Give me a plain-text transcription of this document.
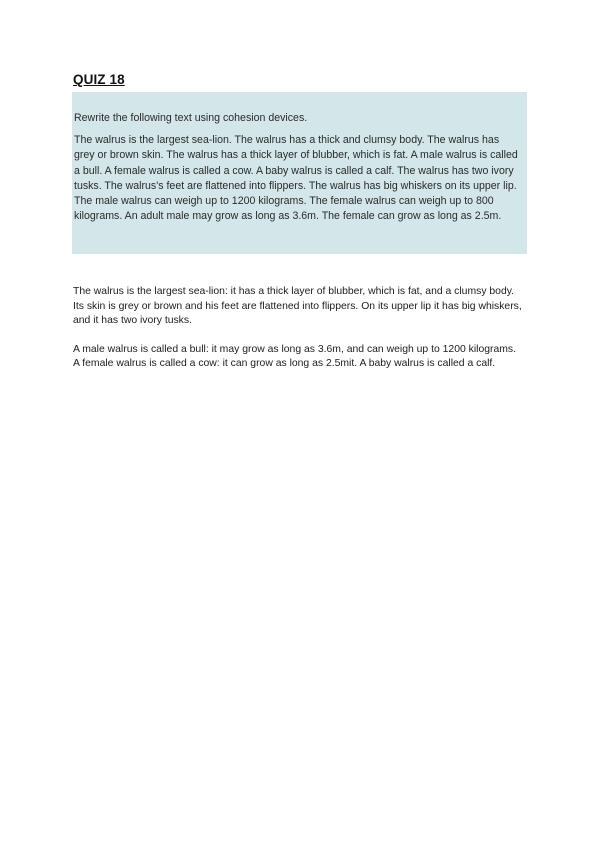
QUIZ 18

Rewrite the following text using cohesion devices.

The walrus is the largest sea-lion. The walrus has a thick and clumsy body. The walrus has grey or brown skin. The walrus has a thick layer of blubber, which is fat. A male walrus is called a bull. A female walrus is called a cow. A baby walrus is called a calf. The walrus has two ivory tusks. The walrus's feet are flattened into flippers. The walrus has big whiskers on its upper lip. The male walrus can weigh up to 1200 kilograms. The female walrus can weigh up to 800 kilograms. An adult male may grow as long as 3.6m. The female can grow as long as 2.5m.

The walrus is the largest sea-lion: it has a thick layer of blubber, which is fat, and a clumsy body. Its skin is grey or brown and his feet are flattened into flippers. On its upper lip it has big whiskers, and it has two ivory tusks.

A male walrus is called a bull: it may grow as long as 3.6m, and can weigh up to 1200 kilograms. A female walrus is called a cow: it can grow as long as 2.5mit. A baby walrus is called a calf.
